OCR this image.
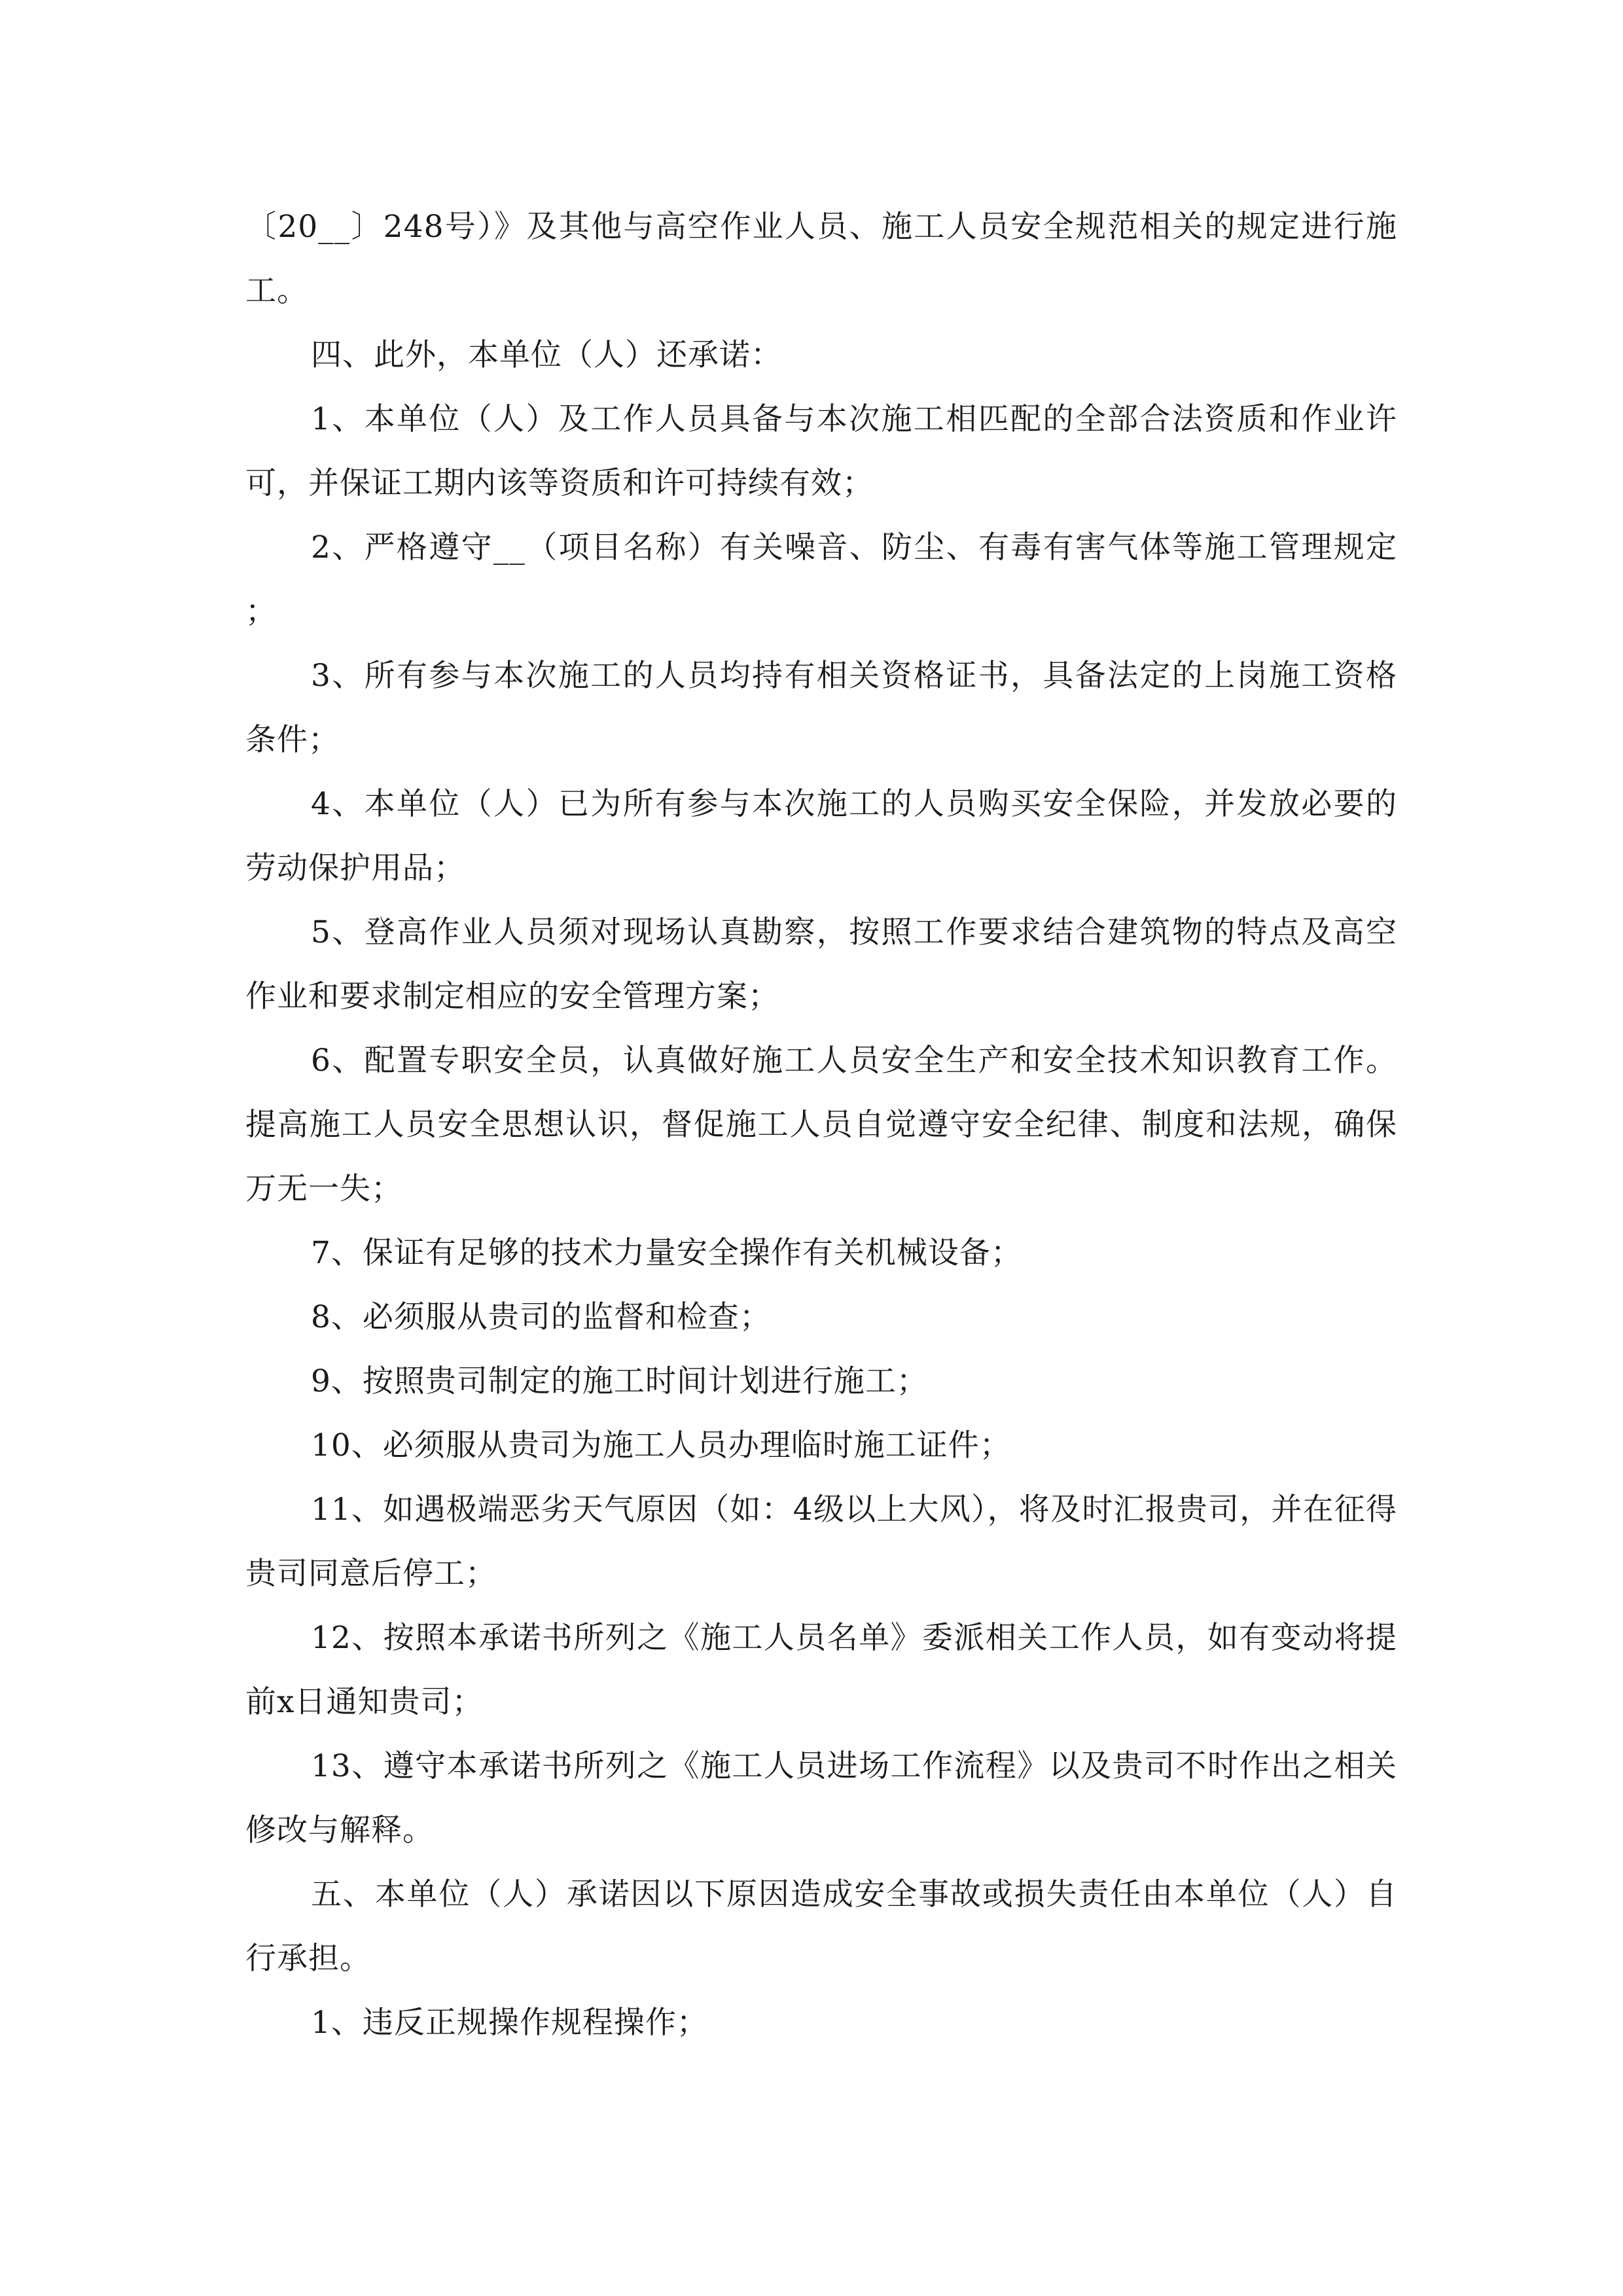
〔20__〕248号）》及其他与高空作业人员、施工人员安全规范相关的规定进行施工。

四、此外，本单位（人）还承诺：

1、本单位（人）及工作人员具备与本次施工相匹配的全部合法资质和作业许可，并保证工期内该等资质和许可持续有效；

2、严格遵守__（项目名称）有关噪音、防尘、有毒有害气体等施工管理规定；

3、所有参与本次施工的人员均持有相关资格证书，具备法定的上岗施工资格条件；

4、本单位（人）已为所有参与本次施工的人员购买安全保险，并发放必要的劳动保护用品；

5、登高作业人员须对现场认真勘察，按照工作要求结合建筑物的特点及高空作业和要求制定相应的安全管理方案；

6、配置专职安全员，认真做好施工人员安全生产和安全技术知识教育工作。提高施工人员安全思想认识，督促施工人员自觉遵守安全纪律、制度和法规，确保万无一失；

7、保证有足够的技术力量安全操作有关机械设备；

8、必须服从贵司的监督和检查；

9、按照贵司制定的施工时间计划进行施工；

10、必须服从贵司为施工人员办理临时施工证件；

11、如遇极端恶劣天气原因（如：4级以上大风），将及时汇报贵司，并在征得贵司同意后停工；

12、按照本承诺书所列之《施工人员名单》委派相关工作人员，如有变动将提前x日通知贵司；

13、遵守本承诺书所列之《施工人员进场工作流程》以及贵司不时作出之相关修改与解释。

五、本单位（人）承诺因以下原因造成安全事故或损失责任由本单位（人）自行承担。

1、违反正规操作规程操作；
